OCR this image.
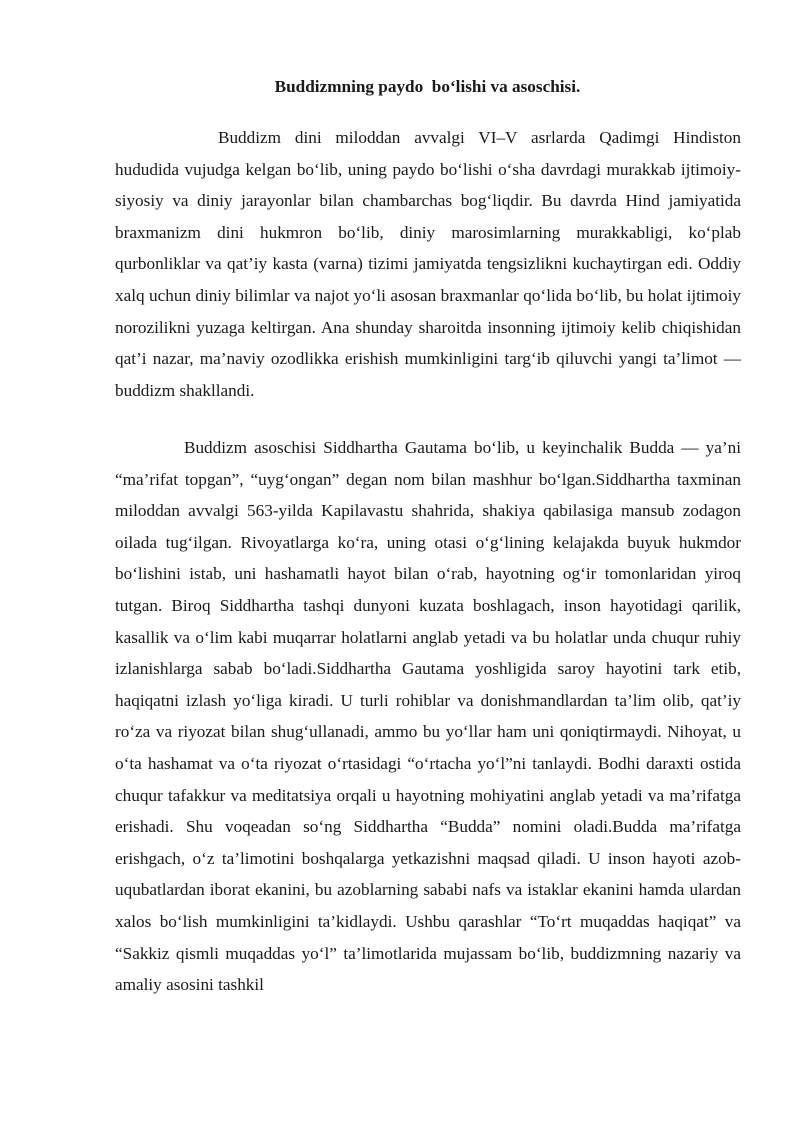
Buddizmning paydo  bo‘lishi va asoschisi.

Buddizm dini miloddan avvalgi VI–V asrlarda Qadimgi Hindiston hududida vujudga kelgan bo‘lib, uning paydo bo‘lishi o‘sha davrdagi murakkab ijtimoiy-siyosiy va diniy jarayonlar bilan chambarchas bog‘liqdir. Bu davrda Hind jamiyatida braxmanizm dini hukmron bo‘lib, diniy marosimlarning murakkabligi, ko‘plab qurbonliklar va qat’iy kasta (varna) tizimi jamiyatda tengsizlikni kuchaytirgan edi. Oddiy xalq uchun diniy bilimlar va najot yo‘li asosan braxmanlar qo‘lida bo‘lib, bu holat ijtimoiy norozilikni yuzaga keltirgan. Ana shunday sharoitda insonning ijtimoiy kelib chiqishidan qat’i nazar, ma’naviy ozodlikka erishish mumkinligini targ‘ib qiluvchi yangi ta’limot — buddizm shakllandi.

Buddizm asoschisi Siddhartha Gautama bo‘lib, u keyinchalik Budda — ya’ni “ma’rifat topgan”, “uyg‘ongan” degan nom bilan mashhur bo‘lgan.Siddhartha taxminan miloddan avvalgi 563-yilda Kapilavastu shahrida, shakiya qabilasiga mansub zodagon oilada tug‘ilgan. Rivoyatlarga ko‘ra, uning otasi o‘g‘lining kelajakda buyuk hukmdor bo‘lishini istab, uni hashamatli hayot bilan o‘rab, hayotning og‘ir tomonlaridan yiroq tutgan. Biroq Siddhartha tashqi dunyoni kuzata boshlagach, inson hayotidagi qarilik, kasallik va o‘lim kabi muqarrar holatlarni anglab yetadi va bu holatlar unda chuqur ruhiy izlanishlarga sabab bo‘ladi.Siddhartha Gautama yoshligida saroy hayotini tark etib, haqiqatni izlash yo‘liga kiradi. U turli rohiblar va donishmandlardan ta’lim olib, qat’iy ro‘za va riyozat bilan shug‘ullanadi, ammo bu yo‘llar ham uni qoniqtirmaydi. Nihoyat, u o‘ta hashamat va o‘ta riyozat o‘rtasidagi “o‘rtacha yo‘l”ni tanlaydi. Bodhi daraxti ostida chuqur tafakkur va meditatsiya orqali u hayotning mohiyatini anglab yetadi va ma’rifatga erishadi. Shu voqeadan so‘ng Siddhartha “Budda” nomini oladi.Budda ma’rifatga erishgach, o‘z ta’limotini boshqalarga yetkazishni maqsad qiladi. U inson hayoti azob-uqubatlardan iborat ekanini, bu azoblarning sababi nafs va istaklar ekanini hamda ulardan xalos bo‘lish mumkinligini ta’kidlaydi. Ushbu qarashlar “To‘rt muqaddas haqiqat” va “Sakkiz qismli muqaddas yo‘l” ta’limotlarida mujassam bo‘lib, buddizmning nazariy va amaliy asosini tashkil
